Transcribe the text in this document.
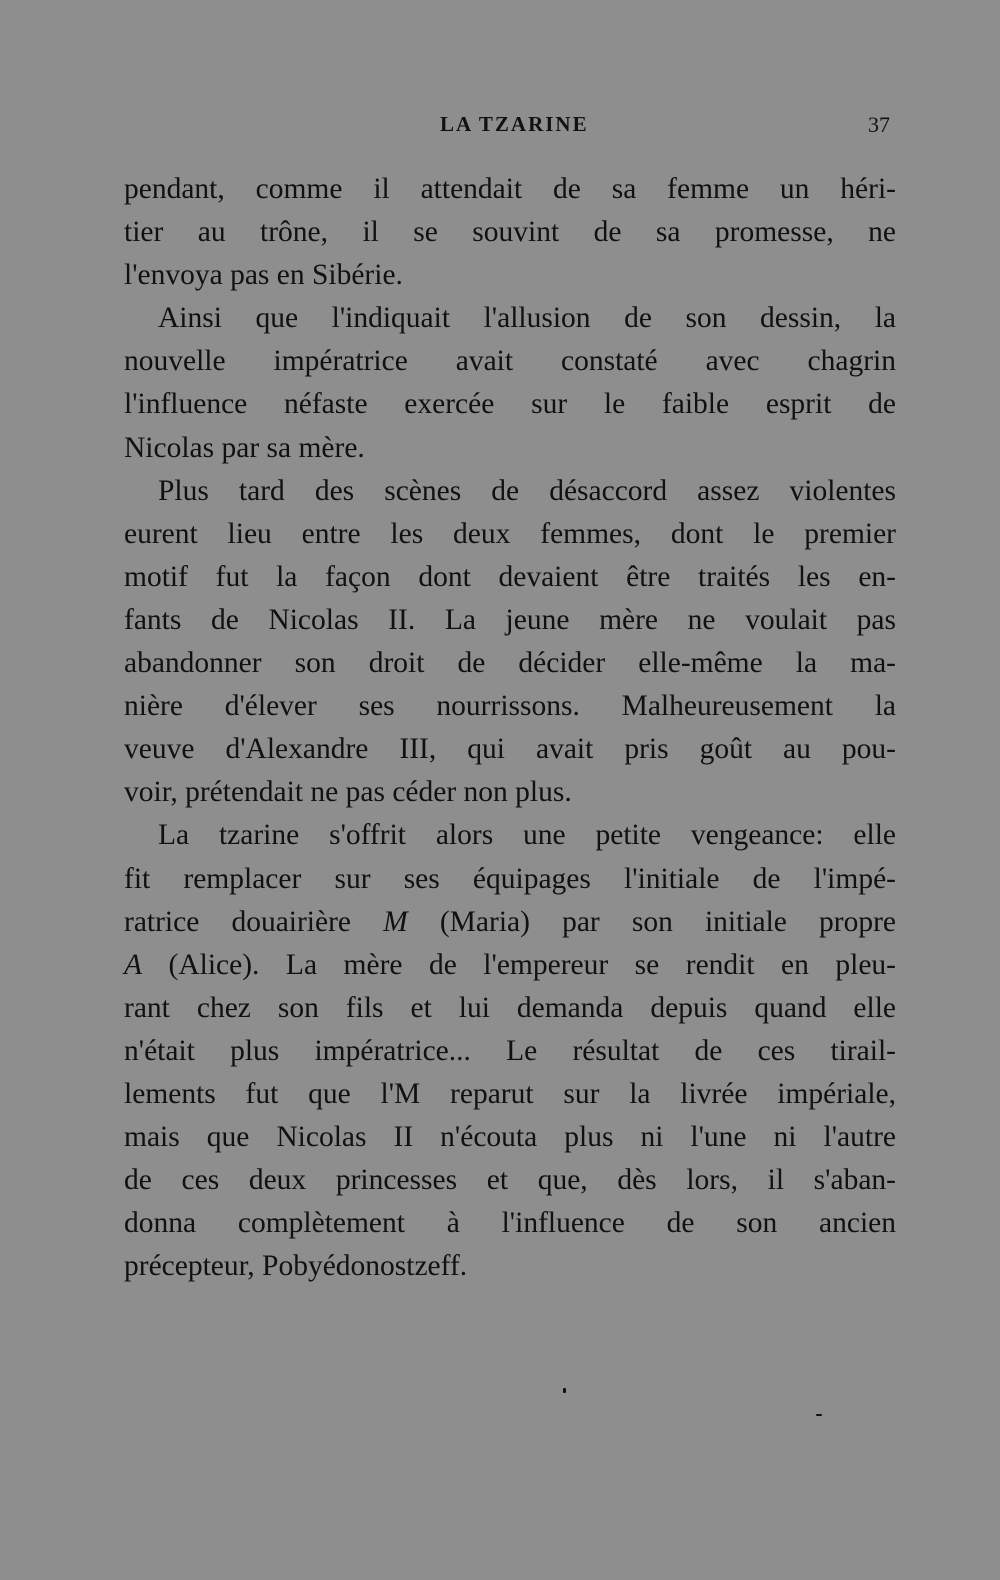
LA TZARINE	37
pendant, comme il attendait de sa femme un héri-
tier au trône, il se souvint de sa promesse, ne
l'envoya pas en Sibérie.
Ainsi que l'indiquait l'allusion de son dessin, la
nouvelle impératrice avait constaté avec chagrin
l'influence néfaste exercée sur le faible esprit de
Nicolas par sa mère.
Plus tard des scènes de désaccord assez violentes
eurent lieu entre les deux femmes, dont le premier
motif fut la façon dont devaient être traités les en-
fants de Nicolas II. La jeune mère ne voulait pas
abandonner son droit de décider elle-même la ma-
nière d'élever ses nourrissons. Malheureusement la
veuve d'Alexandre III, qui avait pris goût au pou-
voir, prétendait ne pas céder non plus.
La tzarine s'offrit alors une petite vengeance: elle
fit remplacer sur ses équipages l'initiale de l'impé-
ratrice douairière M (Maria) par son initiale propre
A (Alice). La mère de l'empereur se rendit en pleu-
rant chez son fils et lui demanda depuis quand elle
n'était plus impératrice... Le résultat de ces tirail-
lements fut que l'M reparut sur la livrée impériale,
mais que Nicolas II n'écouta plus ni l'une ni l'autre
de ces deux princesses et que, dès lors, il s'aban-
donna complètement à l'influence de son ancien
précepteur, Pobyédonostzeff.
